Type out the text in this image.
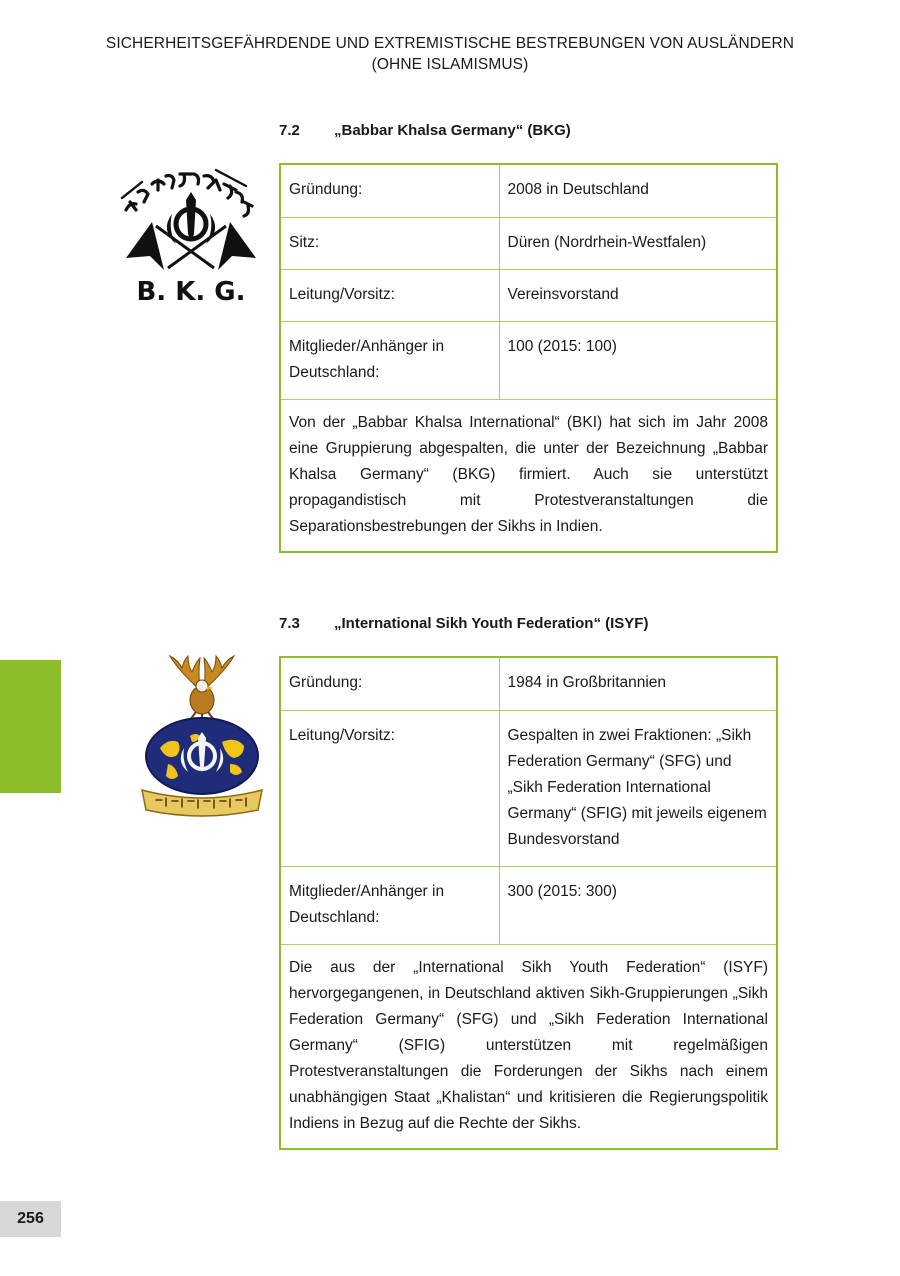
SICHERHEITSGEFÄHRDENDE UND EXTREMISTISCHE BESTREBUNGEN VON AUSLÄNDERN
(OHNE ISLAMISMUS)
7.2 „Babbar Khalsa Germany“ (BKG)
B. K. G.
Gründung:	2008 in Deutschland
Sitz:	Düren (Nordrhein-Westfalen)
Leitung/Vorsitz:	Vereinsvorstand
Mitglieder/Anhänger in Deutschland:	100 (2015: 100)
Von der „Babbar Khalsa International“ (BKI) hat sich im Jahr 2008 eine Gruppierung abgespalten, die unter der Bezeichnung „Babbar Khalsa Germany“ (BKG) firmiert. Auch sie unterstützt propagandistisch mit Protestveranstaltungen die Separationsbestrebungen der Sikhs in Indien.
7.3 „International Sikh Youth Federation“ (ISYF)
Gründung:	1984 in Großbritannien
Leitung/Vorsitz:	Gespalten in zwei Fraktionen: „Sikh Federation Germany“ (SFG) und „Sikh Federation International Germany“ (SFIG) mit jeweils eigenem Bundesvorstand
Mitglieder/Anhänger in Deutschland:	300 (2015: 300)
Die aus der „International Sikh Youth Federation“ (ISYF) hervorgegangenen, in Deutschland aktiven Sikh-Gruppierungen „Sikh Federation Germany“ (SFG) und „Sikh Federation International Germany“ (SFIG) unterstützen mit regelmäßigen Protestveranstaltungen die Forderungen der Sikhs nach einem unabhängigen Staat „Khalistan“ und kritisieren die Regierungspolitik Indiens in Bezug auf die Rechte der Sikhs.
256
